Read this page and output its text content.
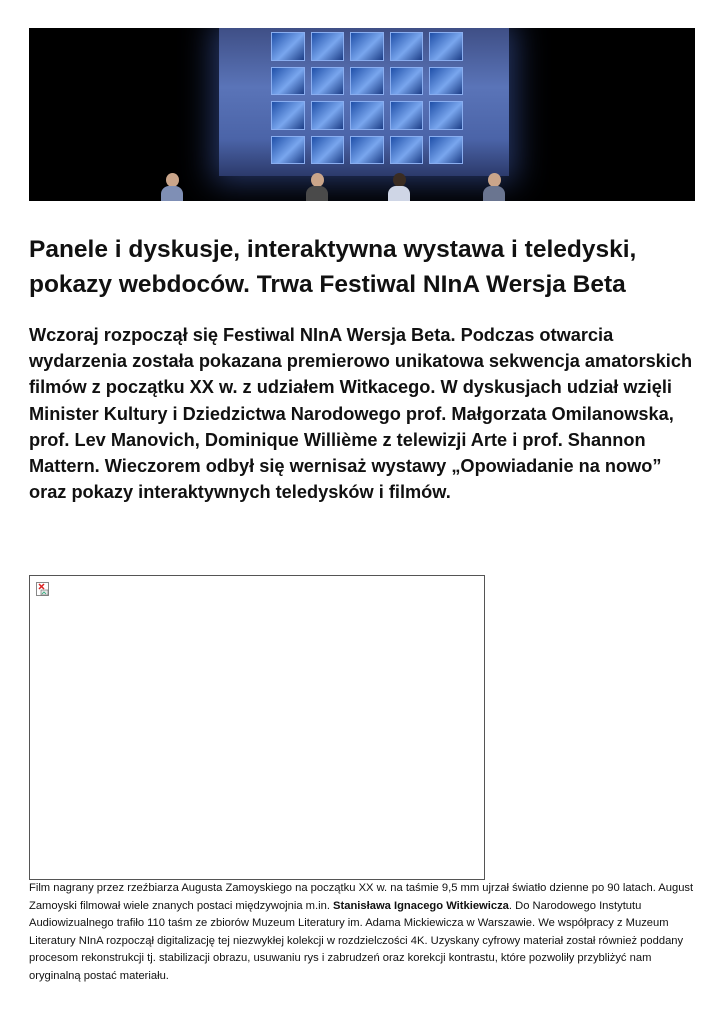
Panele i dyskusje, interaktywna wystawa i teledyski, pokazy webdoców. Trwa Festiwal NInA Wersja Beta

Wczoraj rozpoczął się Festiwal NInA Wersja Beta. Podczas otwarcia wydarzenia została pokazana premierowo unikatowa sekwencja amatorskich filmów z początku XX w. z udziałem Witkacego. W dyskusjach udział wzięli Minister Kultury i Dziedzictwa Narodowego prof. Małgorzata Omilanowska, prof. Lev Manovich, Dominique Willième z telewizji Arte i prof. Shannon Mattern. Wieczorem odbył się wernisaż wystawy „Opowiadanie na nowo” oraz pokazy interaktywnych teledysków i filmów.

Film nagrany przez rzeźbiarza Augusta Zamoyskiego na początku XX w. na taśmie 9,5 mm ujrzał światło dzienne po 90 latach. August Zamoyski filmował wiele znanych postaci międzywojnia m.in. Stanisława Ignacego Witkiewicza. Do Narodowego Instytutu Audiowizualnego trafiło 110 taśm ze zbiorów Muzeum Literatury im. Adama Mickiewicza w Warszawie. We współpracy z Muzeum Literatury NInA rozpoczął digitalizację tej niezwykłej kolekcji w rozdzielczości 4K. Uzyskany cyfrowy materiał został również poddany procesom rekonstrukcji tj. stabilizacji obrazu, usuwaniu rys i zabrudzeń oraz korekcji kontrastu, które pozwoliły przybliżyć nam oryginalną postać materiału.
